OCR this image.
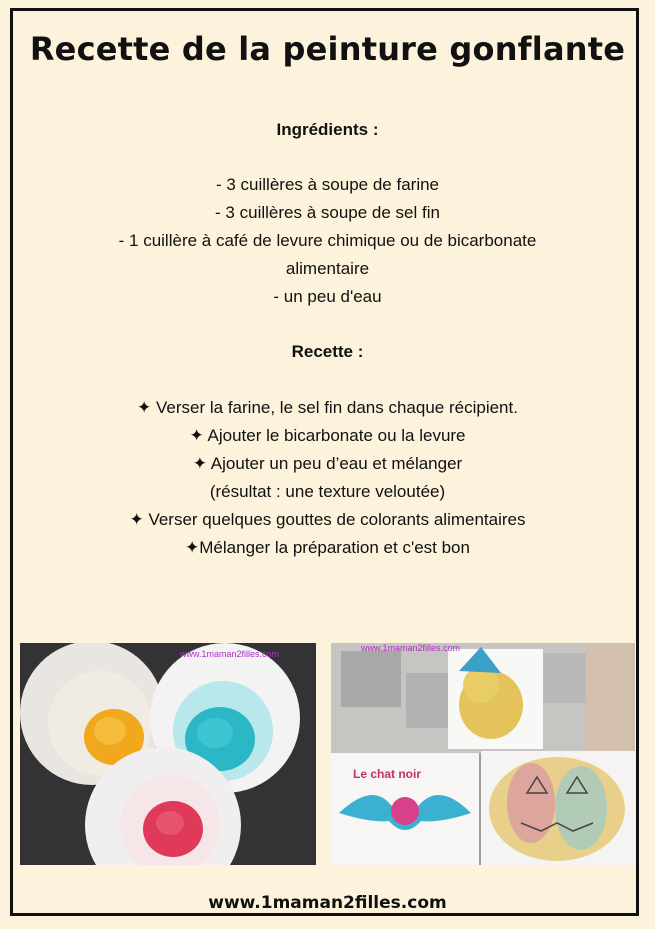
Recette de la peinture gonflante
Ingrédients :
- 3 cuillères à soupe de farine
- 3 cuillères à soupe de sel fin
- 1 cuillère à café de levure chimique ou de bicarbonate
alimentaire
- un peu d'eau
Recette :
✦ Verser la farine, le sel fin dans chaque récipient.
✦ Ajouter le bicarbonate ou la levure
✦ Ajouter un peu d’eau et mélanger
(résultat : une texture veloutée)
✦ Verser quelques gouttes de colorants alimentaires
✦Mélanger la préparation et c'est bon
www.1maman2filles.com
Le chat noir
www.1maman2filles.com
www.1maman2filles.com
